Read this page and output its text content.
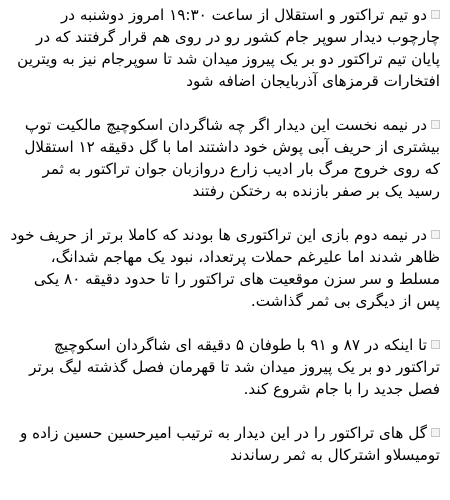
دو تیم تراکتور و استقلال از ساعت ۱۹:۳۰ امروز دوشنبه در چارچوب دیدار سوپر جام کشور رو در روی هم قرار گرفتند که در پایان تیم تراکتور دو بر یک پیروز میدان شد تا سوپرجام نیز به ویترین افتخارات قرمزهای آذربایجان اضافه شود

در نیمه نخست این دیدار اگر چه شاگردان اسکوچیچ مالکیت توپ بیشتری از حریف آبی پوش خود داشتند اما با گل دقیقه ۱۲ استقلال که روی خروج مرگ بار ادیب زارع دروازبان جوان تراکتور به ثمر رسید یک بر صفر بازنده به رختکن رفتند

در نیمه دوم بازی این تراکتوری ها بودند که کاملا برتر از حریف خود ظاهر شدند اما علیرغم حملات پرتعداد، نبود یک مهاجم شدانگ، مسلط و سر سزن موقعیت های تراکتور را تا حدود دقیقه ۸۰ یکی پس از دیگری بی ثمر گذاشت.

تا اینکه در ۸۷ و ۹۱ با طوفان ۵ دقیقه ای شاگردان اسکوچیچ تراکتور دو بر یک پیروز میدان شد تا قهرمان فصل گذشته لیگ برتر فصل جدید را با جام شروع کند.

گل های تراکتور را در این دیدار به ترتیب امیرحسین حسین زاده و تومیسلاو اشترکال به ثمر رساندند
